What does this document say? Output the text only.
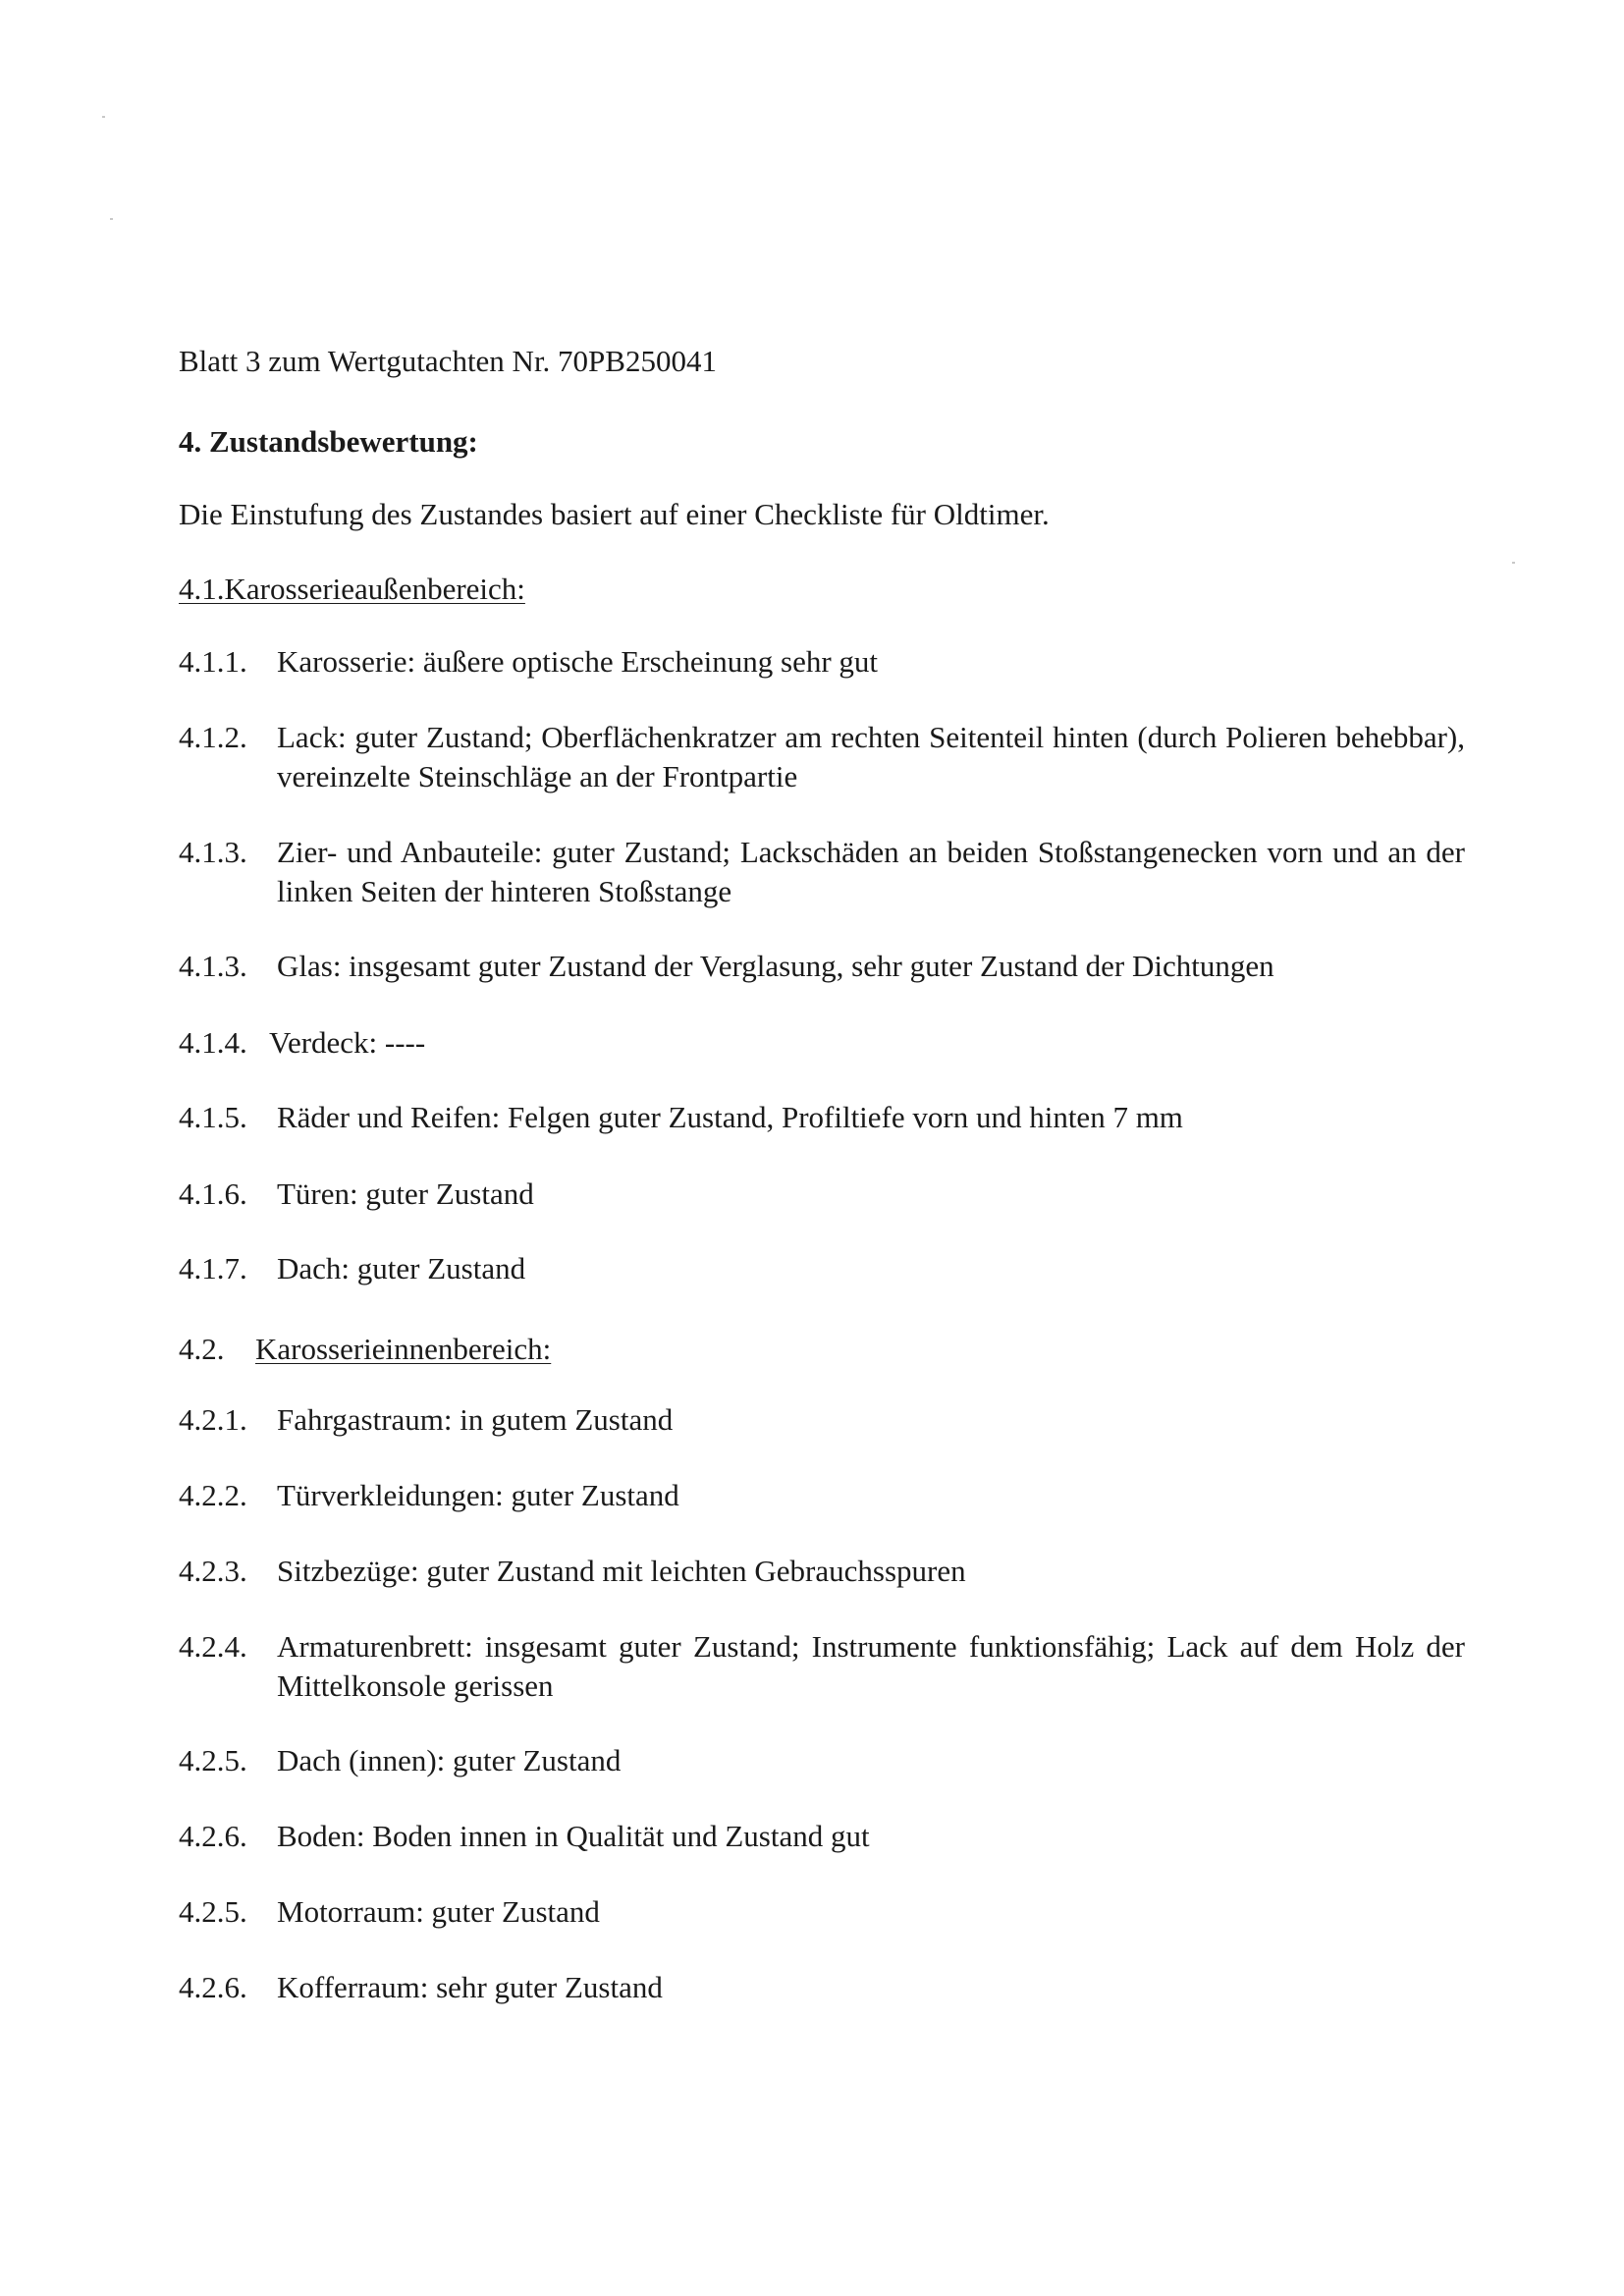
Blatt 3 zum Wertgutachten Nr. 70PB250041
4. Zustandsbewertung:
Die Einstufung des Zustandes basiert auf einer Checkliste für Oldtimer.
4.1.Karosserieaußenbereich:
4.1.1. Karosserie: äußere optische Erscheinung sehr gut
4.1.2. Lack: guter Zustand; Oberflächenkratzer am rechten Seitenteil hinten (durch Polieren behebbar), vereinzelte Steinschläge an der Frontpartie
4.1.3. Zier- und Anbauteile: guter Zustand; Lackschäden an beiden Stoßstangenecken vorn und an der linken Seiten der hinteren Stoßstange
4.1.3. Glas: insgesamt guter Zustand der Verglasung, sehr guter Zustand der Dichtungen
4.1.4. Verdeck: ----
4.1.5. Räder und Reifen: Felgen guter Zustand, Profiltiefe vorn und hinten 7 mm
4.1.6. Türen: guter Zustand
4.1.7. Dach: guter Zustand
4.2. Karosserieinnenbereich:
4.2.1. Fahrgastraum: in gutem Zustand
4.2.2. Türverkleidungen: guter Zustand
4.2.3. Sitzbezüge: guter Zustand mit leichten Gebrauchsspuren
4.2.4. Armaturenbrett: insgesamt guter Zustand; Instrumente funktionsfähig; Lack auf dem Holz der Mittelkonsole gerissen
4.2.5. Dach (innen): guter Zustand
4.2.6. Boden: Boden innen in Qualität und Zustand gut
4.2.5. Motorraum: guter Zustand
4.2.6. Kofferraum: sehr guter Zustand
